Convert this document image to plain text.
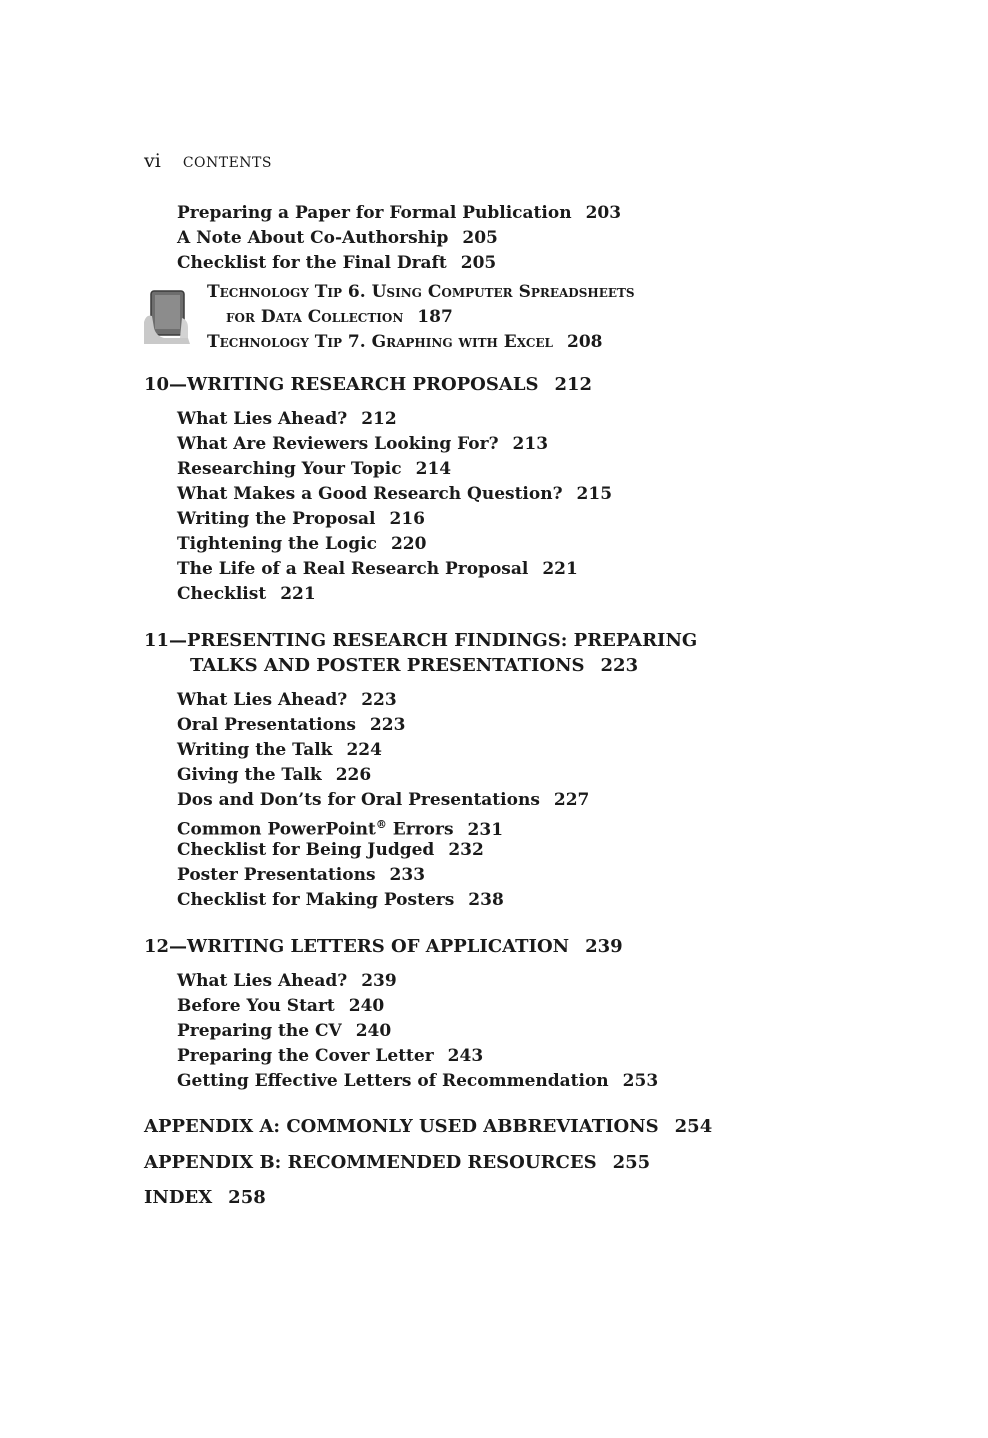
vi CONTENTS
Preparing a Paper for Formal Publication 203
A Note About Co-Authorship 205
Checklist for the Final Draft 205
Technology Tip 6. Using Computer Spreadsheets
for Data Collection 187
Technology Tip 7. Graphing with Excel 208
10—WRITING RESEARCH PROPOSALS 212
What Lies Ahead? 212
What Are Reviewers Looking For? 213
Researching Your Topic 214
What Makes a Good Research Question? 215
Writing the Proposal 216
Tightening the Logic 220
The Life of a Real Research Proposal 221
Checklist 221
11—PRESENTING RESEARCH FINDINGS: PREPARING
TALKS AND POSTER PRESENTATIONS 223
What Lies Ahead? 223
Oral Presentations 223
Writing the Talk 224
Giving the Talk 226
Dos and Don’ts for Oral Presentations 227
Common PowerPoint® Errors 231
Checklist for Being Judged 232
Poster Presentations 233
Checklist for Making Posters 238
12—WRITING LETTERS OF APPLICATION 239
What Lies Ahead? 239
Before You Start 240
Preparing the CV 240
Preparing the Cover Letter 243
Getting Effective Letters of Recommendation 253
APPENDIX A: COMMONLY USED ABBREVIATIONS 254
APPENDIX B: RECOMMENDED RESOURCES 255
INDEX 258
